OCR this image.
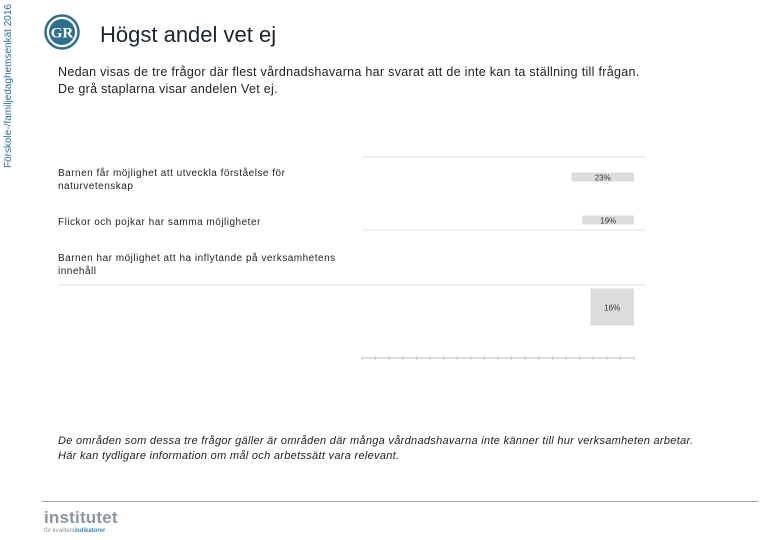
Förskole-/familjedaghemsenkät 2016 GR Högst andel vet ej
Nedan visas de tre frågor där flest vårdnadshavarna har svarat att de inte kan ta ställning till frågan.
De grå staplarna visar andelen Vet ej.
23%
19%
16%
Barnen får möjlighet att utveckla förståelse för naturvetenskap
Flickor och pojkar har samma möjligheter
Barnen har möjlighet att ha inflytande på verksamhetens innehåll
De områden som dessa tre frågor gäller är områden där många vårdnadshavarna inte känner till hur verksamheten arbetar.
Här kan tydligare information om mål och arbetssätt vara relevant.
institutet
för kvalitetsindikatorer
